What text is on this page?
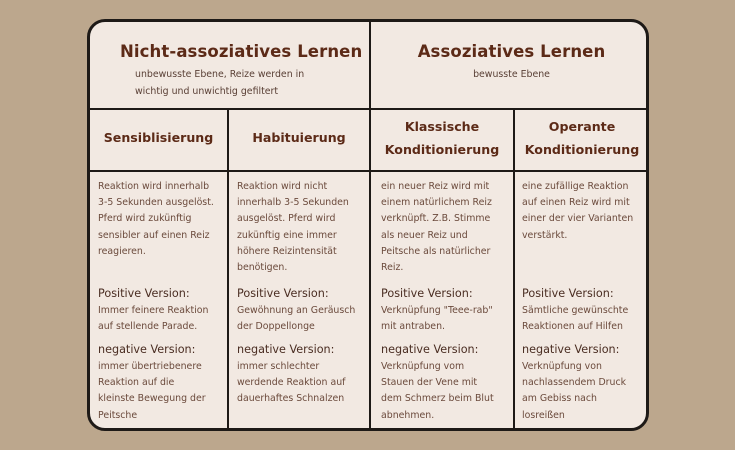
Nicht-assoziatives Lernen
unbewusste Ebene, Reize werden in
wichtig und unwichtig gefiltert
Assoziatives Lernen
bewusste Ebene
Sensiblisierung	Habituierung
Klassische
Konditionierung
Operante
Konditionierung
Reaktion wird innerhalb
3-5 Sekunden ausgelöst.
Pferd wird zukünftig
sensibler auf einen Reiz
reagieren.
Positive Version:
Immer feinere Reaktion
auf stellende Parade.
negative Version:
immer übertriebenere
Reaktion auf die
kleinste Bewegung der
Peitsche
Reaktion wird nicht
innerhalb 3-5 Sekunden
ausgelöst. Pferd wird
zukünftig eine immer
höhere Reizintensität
benötigen.
Positive Version:
Gewöhnung an Geräusch
der Doppellonge
negative Version:
immer schlechter
werdende Reaktion auf
dauerhaftes Schnalzen
ein neuer Reiz wird mit
einem natürlichem Reiz
verknüpft. Z.B. Stimme
als neuer Reiz und
Peitsche als natürlicher
Reiz.
Positive Version:
Verknüpfung "Teee-rab"
mit antraben.
negative Version:
Verknüpfung vom
Stauen der Vene mit
dem Schmerz beim Blut
abnehmen.
eine zufällige Reaktion
auf einen Reiz wird mit
einer der vier Varianten
verstärkt.
Positive Version:
Sämtliche gewünschte
Reaktionen auf Hilfen
negative Version:
Verknüpfung von
nachlassendem Druck
am Gebiss nach
losreißen
